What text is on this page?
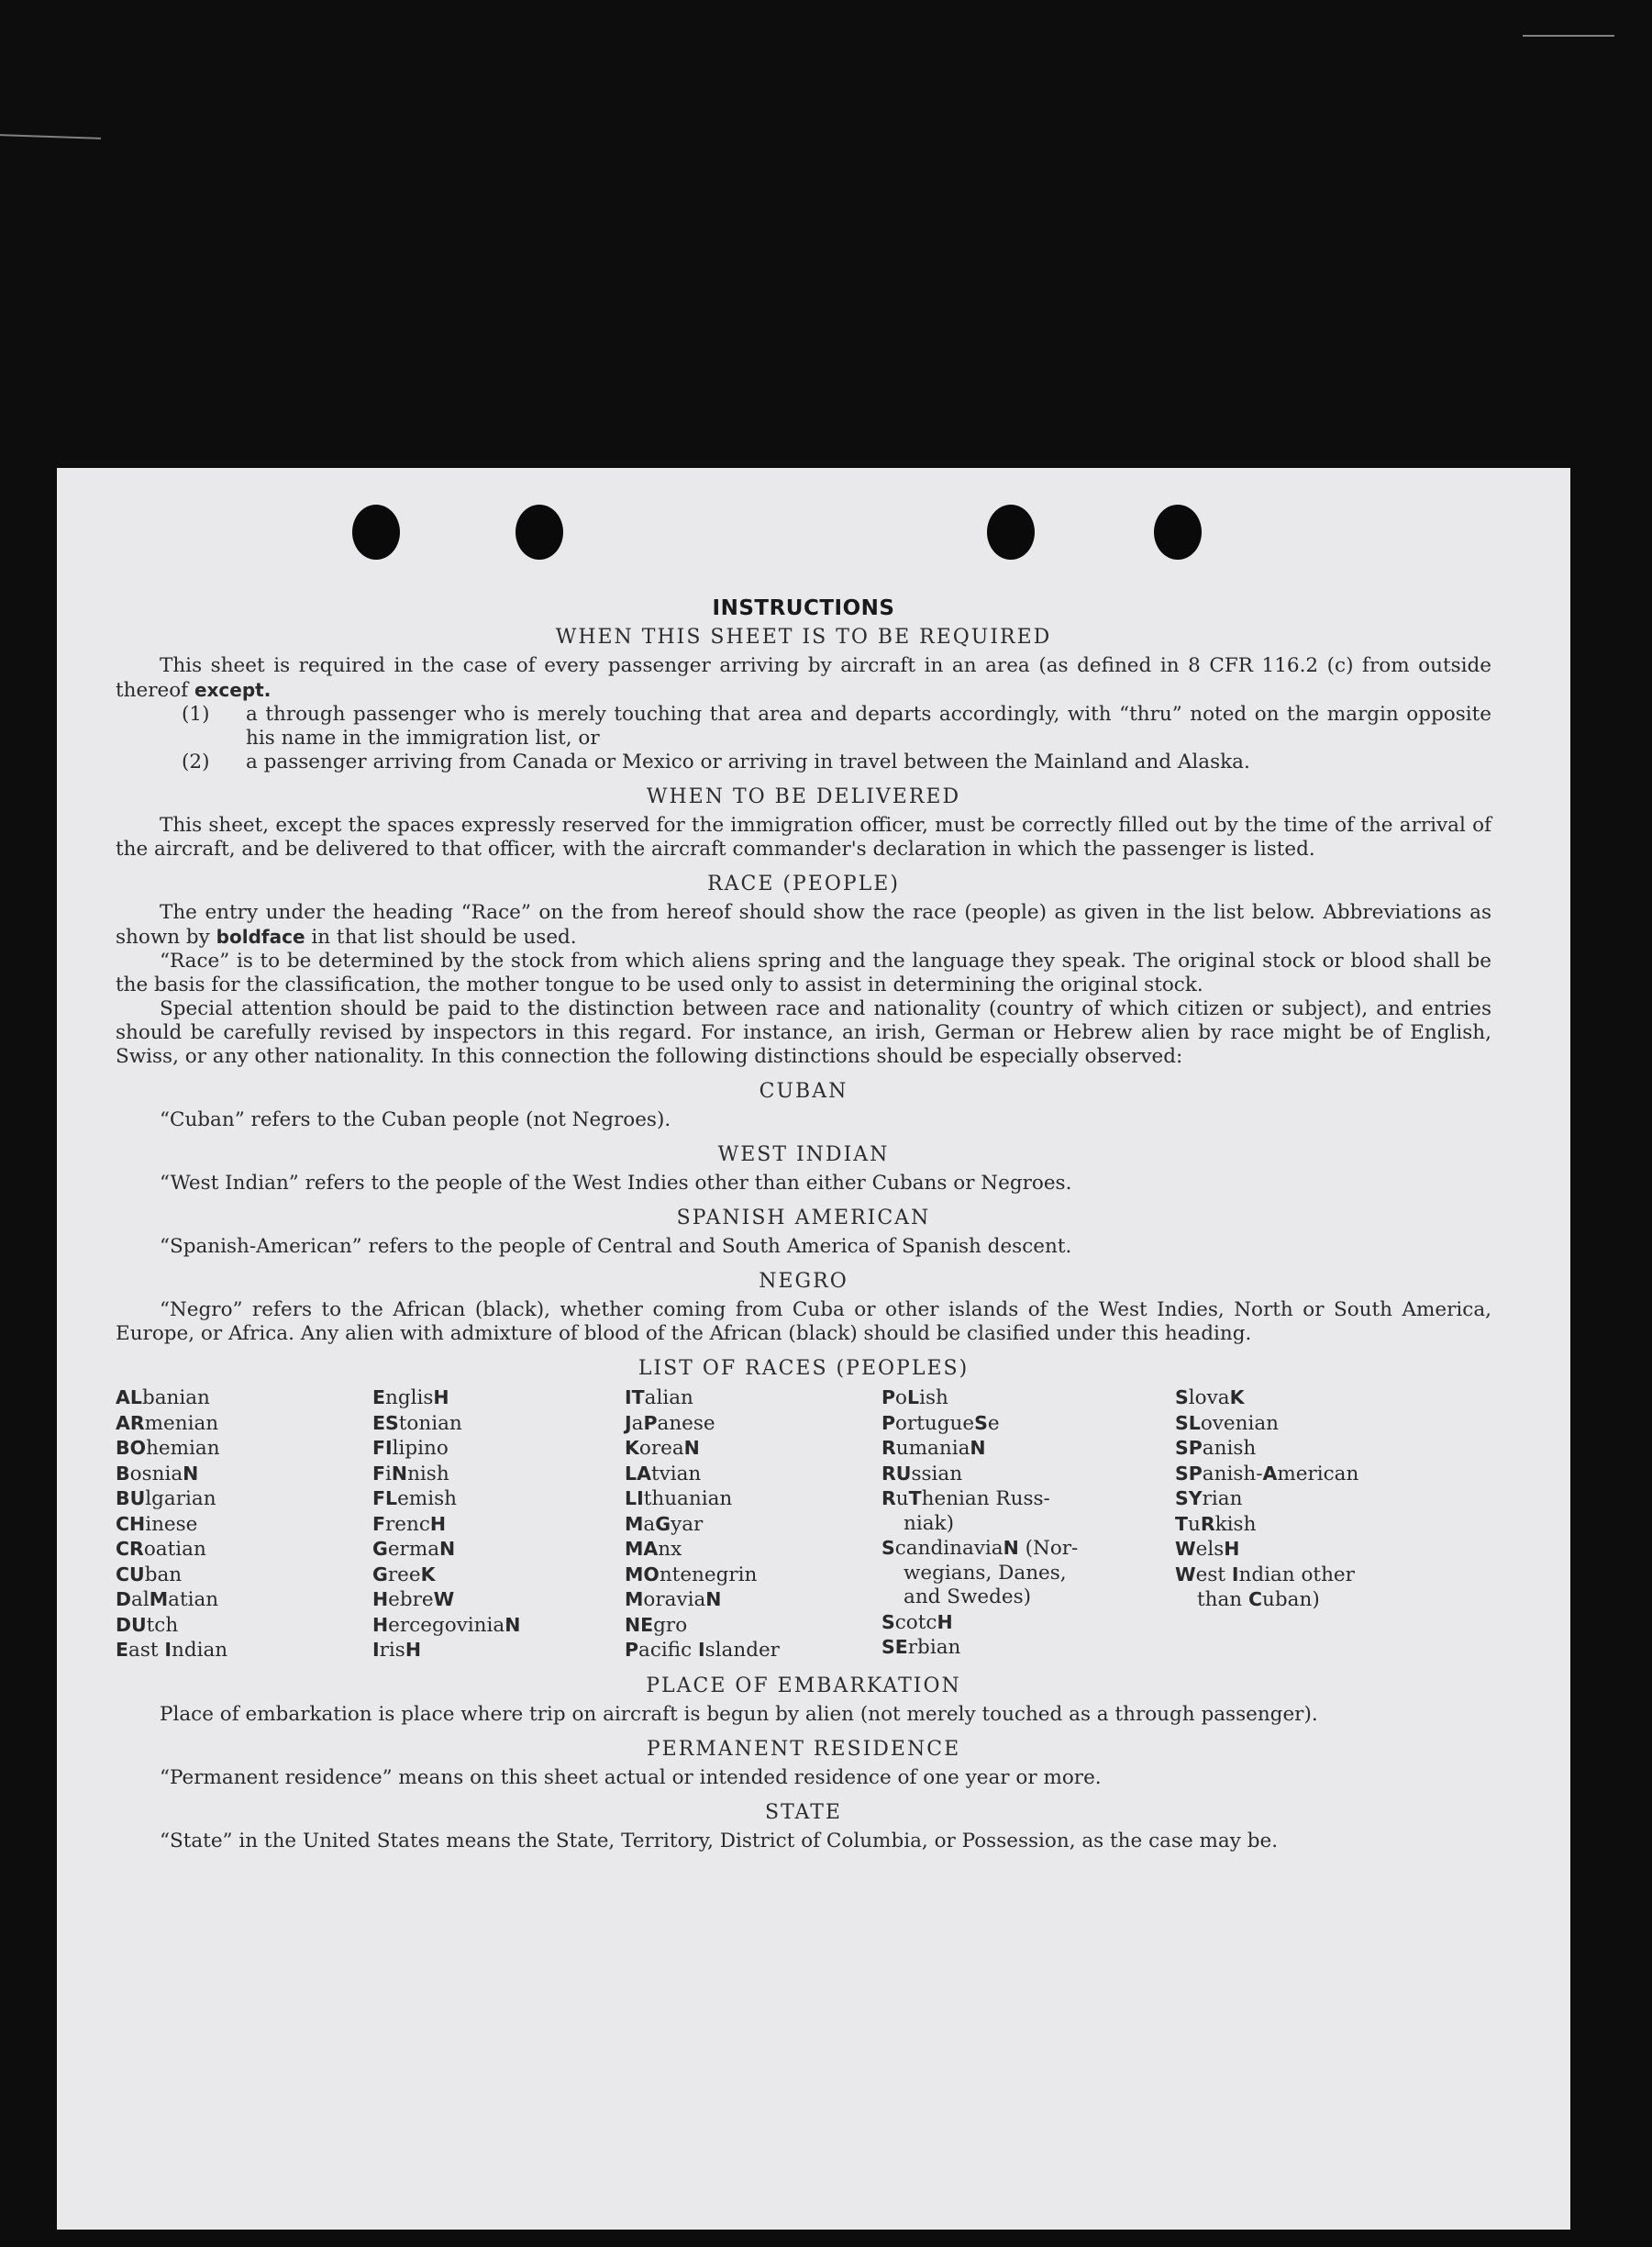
INSTRUCTIONS
WHEN THIS SHEET IS TO BE REQUIRED

This sheet is required in the case of every passenger arriving by aircraft in an area (as defined in 8 CFR 116.2 (c) from outside thereof except.

(1)	a through passenger who is merely touching that area and departs accordingly, with “thru” noted on the margin opposite his name in the immigration list, or
(2)	a passenger arriving from Canada or Mexico or arriving in travel between the Mainland and Alaska.
WHEN TO BE DELIVERED

This sheet, except the spaces expressly reserved for the immigration officer, must be correctly filled out by the time of the arrival of the aircraft, and be delivered to that officer, with the aircraft commander's declaration in which the passenger is listed.

RACE (PEOPLE)

The entry under the heading “Race” on the from hereof should show the race (people) as given in the list below. Abbreviations as shown by boldface in that list should be used.

“Race” is to be determined by the stock from which aliens spring and the language they speak. The original stock or blood shall be the basis for the classification, the mother tongue to be used only to assist in determining the original stock.

Special attention should be paid to the distinction between race and nationality (country of which citizen or subject), and entries should be carefully revised by inspectors in this regard. For instance, an irish, German or Hebrew alien by race might be of English, Swiss, or any other nationality. In this connection the following distinctions should be especially observed:

CUBAN

“Cuban” refers to the Cuban people (not Negroes).

WEST INDIAN

“West Indian” refers to the people of the West Indies other than either Cubans or Negroes.

SPANISH AMERICAN

“Spanish-American” refers to the people of Central and South America of Spanish descent.

NEGRO

“Negro” refers to the African (black), whether coming from Cuba or other islands of the West Indies, North or South America, Europe, or Africa. Any alien with admixture of blood of the African (black) should be clasified under this heading.

LIST OF RACES (PEOPLES)
ALbanian
ARmenian
BOhemian
BosniaN
BUlgarian
CHinese
CRoatian
CUban
DalMatian
DUtch
East Indian
EnglisH
EStonian
FIlipino
FiNnish
FLemish
FrencH
GermaN
GreeK
HebreW
HercegoviniaN
IrisH
ITalian
JaPanese
KoreaN
LAtvian
LIthuanian
MaGyar
MAnx
MOntenegrin
MoraviaN
NEgro
Pacific Islander
PoLish
PortugueSe
RumaniaN
RUssian
RuThenian Russ-
niak)
ScandinaviaN (Nor-
wegians, Danes,
and Swedes)
ScotcH
SErbian
SlovaK
SLovenian
SPanish
SPanish-American
SYrian
TuRkish
WelsH
West Indian other
than Cuban)
PLACE OF EMBARKATION

Place of embarkation is place where trip on aircraft is begun by alien (not merely touched as a through passenger).

PERMANENT RESIDENCE

“Permanent residence” means on this sheet actual or intended residence of one year or more.

STATE

“State” in the United States means the State, Territory, District of Columbia, or Possession, as the case may be.
